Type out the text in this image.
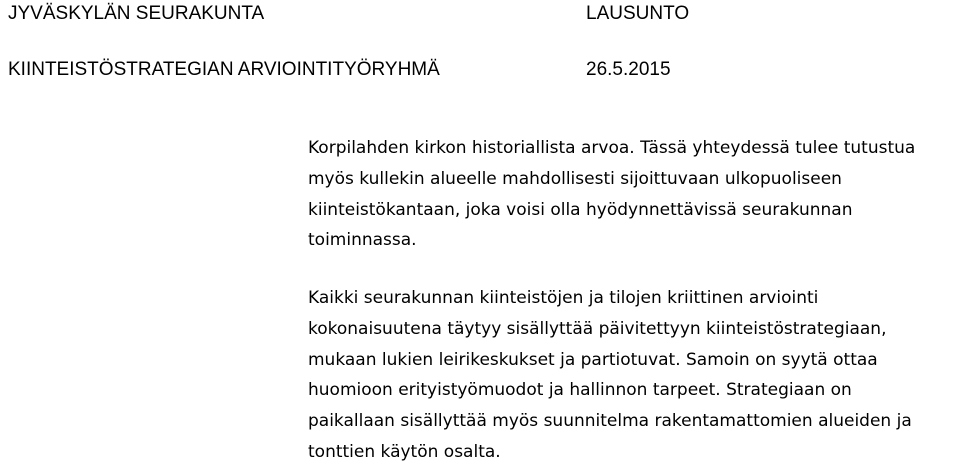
JYVÄSKYLÄN SEURAKUNTA	LAUSUNTO
KIINTEISTÖSTRATEGIAN ARVIOINTITYÖRYHMÄ	26.5.2015
Korpilahden kirkon historiallista arvoa. Tässä yhteydessä tulee tutustua
myös kullekin alueelle mahdollisesti sijoittuvaan ulkopuoliseen
kiinteistökantaan, joka voisi olla hyödynnettävissä seurakunnan
toiminnassa.
Kaikki seurakunnan kiinteistöjen ja tilojen kriittinen arviointi
kokonaisuutena täytyy sisällyttää päivitettyyn kiinteistöstrategiaan,
mukaan lukien leirikeskukset ja partiotuvat. Samoin on syytä ottaa
huomioon erityistyömuodot ja hallinnon tarpeet. Strategiaan on
paikallaan sisällyttää myös suunnitelma rakentamattomien alueiden ja
tonttien käytön osalta.
